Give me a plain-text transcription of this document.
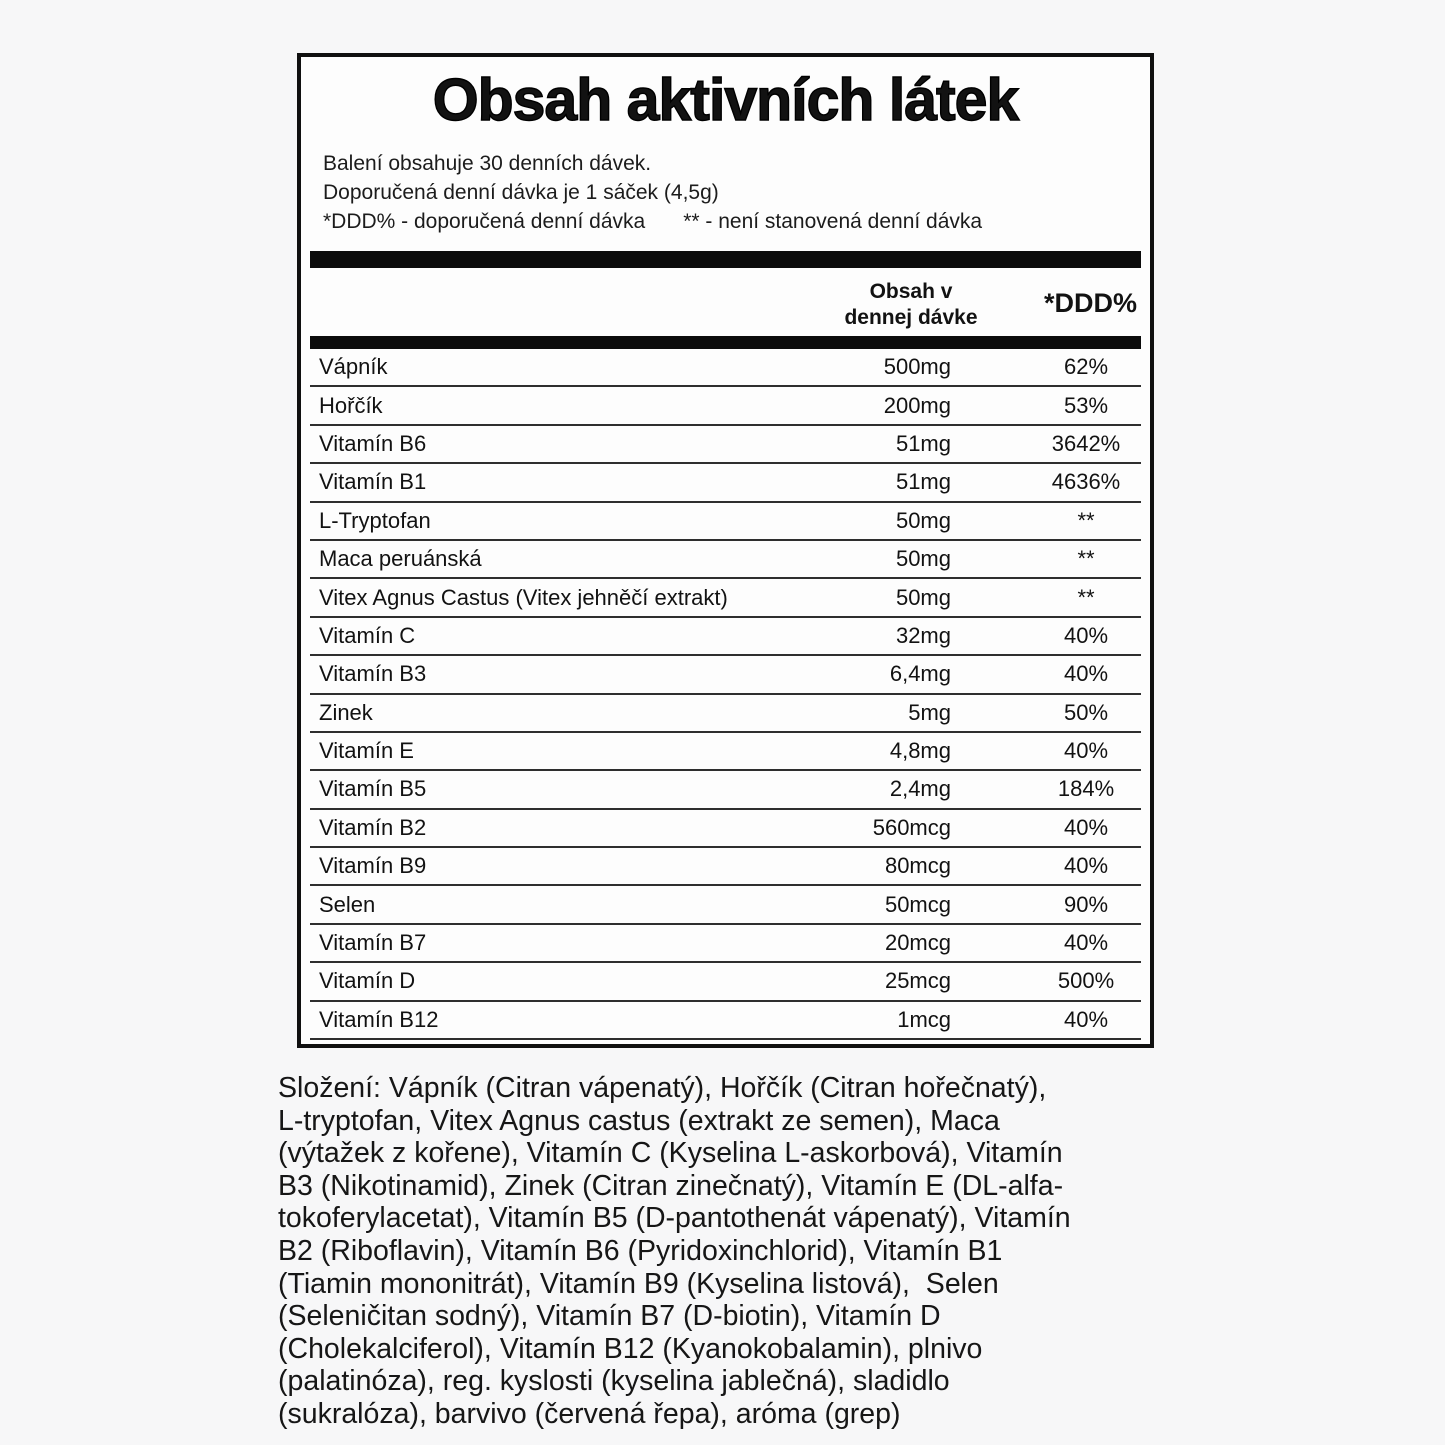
Obsah aktivních látek
Balení obsahuje 30 denních dávek.
Doporučená denní dávka je 1 sáček (4,5g)
*DDD% - doporučená denní dávka ** - není stanovená denní dávka
Obsah v
dennej dávke	*DDD%
Vápník	500mg	62%
Hořčík	200mg	53%
Vitamín B6	51mg	3642%
Vitamín B1	51mg	4636%
L-Tryptofan	50mg	**
Maca peruánská	50mg	**
Vitex Agnus Castus (Vitex jehněčí extrakt)	50mg	**
Vitamín C	32mg	40%
Vitamín B3	6,4mg	40%
Zinek	5mg	50%
Vitamín E	4,8mg	40%
Vitamín B5	2,4mg	184%
Vitamín B2	560mcg	40%
Vitamín B9	80mcg	40%
Selen	50mcg	90%
Vitamín B7	20mcg	40%
Vitamín D	25mcg	500%
Vitamín B12	1mcg	40%
Složení: Vápník (Citran vápenatý), Hořčík (Citran hořečnatý),
L-tryptofan, Vitex Agnus castus (extrakt ze semen), Maca
(výtažek z kořene), Vitamín C (Kyselina L-askorbová), Vitamín
B3 (Nikotinamid), Zinek (Citran zinečnatý), Vitamín E (DL-alfa-
tokoferylacetat), Vitamín B5 (D-pantothenát vápenatý), Vitamín
B2 (Riboflavin), Vitamín B6 (Pyridoxinchlorid), Vitamín B1
(Tiamin mononitrát), Vitamín B9 (Kyselina listová),  Selen
(Seleničitan sodný), Vitamín B7 (D-biotin), Vitamín D
(Cholekalciferol), Vitamín B12 (Kyanokobalamin), plnivo
(palatinóza), reg. kyslosti (kyselina jablečná), sladidlo
(sukralóza), barvivo (červená řepa), aróma (grep)
